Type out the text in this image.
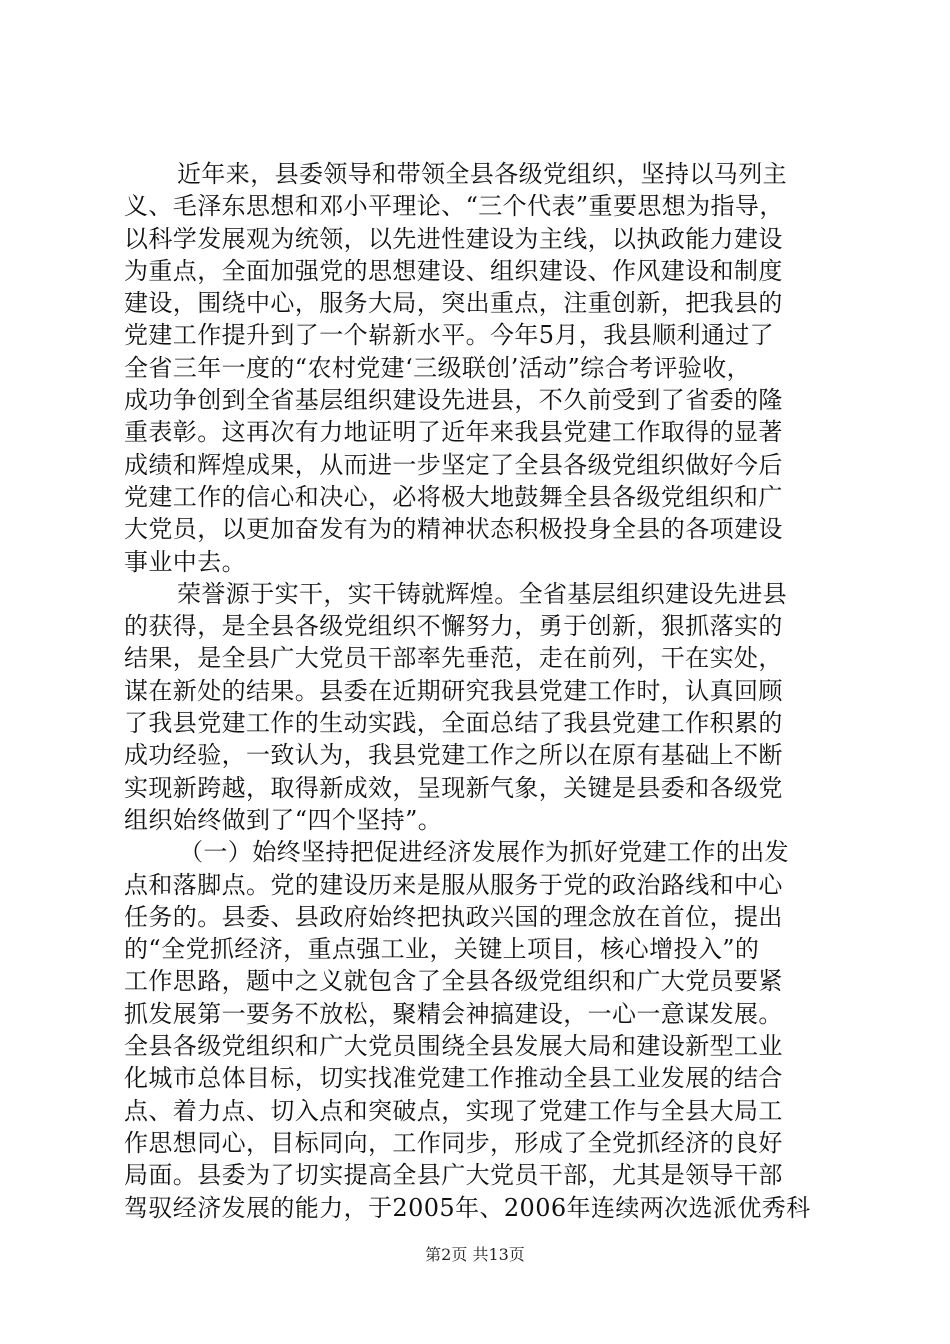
近年来，县委领导和带领全县各级党组织，坚持以马列主
义、毛泽东思想和邓小平理论、“三个代表”重要思想为指导，
以科学发展观为统领，以先进性建设为主线，以执政能力建设
为重点，全面加强党的思想建设、组织建设、作风建设和制度
建设，围绕中心，服务大局，突出重点，注重创新，把我县的
党建工作提升到了一个崭新水平。今年5月，我县顺利通过了
全省三年一度的“农村党建‘三级联创’活动”综合考评验收，
成功争创到全省基层组织建设先进县，不久前受到了省委的隆
重表彰。这再次有力地证明了近年来我县党建工作取得的显著
成绩和辉煌成果，从而进一步坚定了全县各级党组织做好今后
党建工作的信心和决心，必将极大地鼓舞全县各级党组织和广
大党员，以更加奋发有为的精神状态积极投身全县的各项建设
事业中去。
荣誉源于实干，实干铸就辉煌。全省基层组织建设先进县
的获得，是全县各级党组织不懈努力，勇于创新，狠抓落实的
结果，是全县广大党员干部率先垂范，走在前列，干在实处，
谋在新处的结果。县委在近期研究我县党建工作时，认真回顾
了我县党建工作的生动实践，全面总结了我县党建工作积累的
成功经验，一致认为，我县党建工作之所以在原有基础上不断
实现新跨越，取得新成效，呈现新气象，关键是县委和各级党
组织始终做到了“四个坚持”。
（一）始终坚持把促进经济发展作为抓好党建工作的出发
点和落脚点。党的建设历来是服从服务于党的政治路线和中心
任务的。县委、县政府始终把执政兴国的理念放在首位，提出
的“全党抓经济，重点强工业，关键上项目，核心增投入”的
工作思路，题中之义就包含了全县各级党组织和广大党员要紧
抓发展第一要务不放松，聚精会神搞建设，一心一意谋发展。
全县各级党组织和广大党员围绕全县发展大局和建设新型工业
化城市总体目标，切实找准党建工作推动全县工业发展的结合
点、着力点、切入点和突破点，实现了党建工作与全县大局工
作思想同心，目标同向，工作同步，形成了全党抓经济的良好
局面。县委为了切实提高全县广大党员干部，尤其是领导干部
驾驭经济发展的能力，于2005年、2006年连续两次选派优秀科
第2页 共13页
